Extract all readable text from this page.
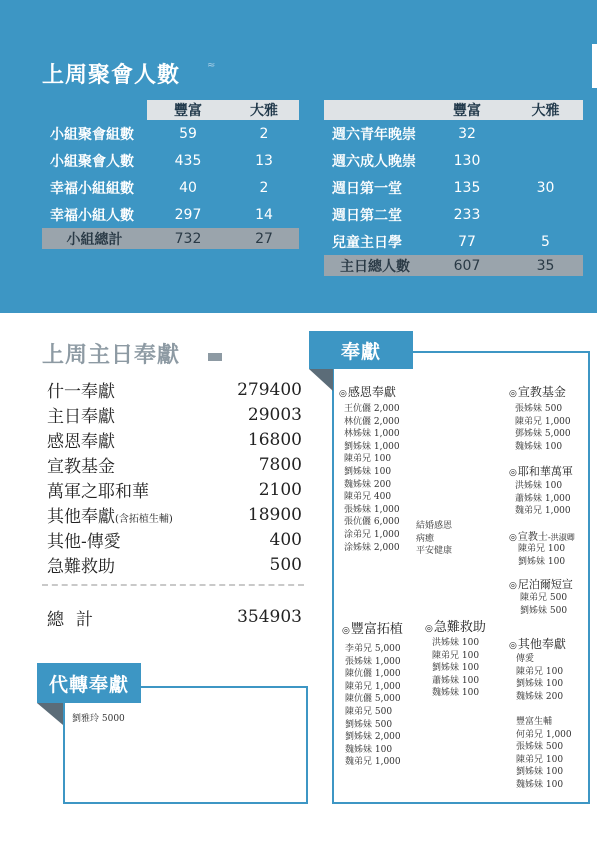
上周聚會人數	≈
	豐富	大雅
小組聚會組數	59	2
小組聚會人數	435	13
幸福小組組數	40	2
幸福小組人數	297	14
小組總計	732	27
	豐富	大雅
週六青年晚崇	32	
週六成人晚崇	130	
週日第一堂	135	30
週日第二堂	233	
兒童主日學	77	5
主日總人數	607	35
上周主日奉獻
什一奉獻	279400
主日奉獻	29003
感恩奉獻	16800
宣教基金	7800
萬軍之耶和華	2100
其他奉獻(含拓植生輔)	18900
其他-傳愛	400
急難救助	500
總計	354903
代轉奉獻
劉雅玲 5000
奉獻
◎感恩奉獻
王伉儷 2,000
林伉儷 2,000
林姊妹 1,000
劉姊妹 1,000
陳弟兄 100
劉姊妹 100
魏姊妹 200
陳弟兄 400
張姊妹 1,000
張伉儷 6,000
涂弟兄 1,000
涂姊妹 2,000
結婚感恩
病癒
平安健康
◎宣教基金
張姊妹 500
陳弟兄 1,000
鄧姊妹 5,000
魏姊妹 100
◎耶和華萬軍
洪姊妹 100
蕭姊妹 1,000
魏弟兄 1,000
◎宣教士-洪淑卿
陳弟兄 100
劉姊妹 100
◎尼泊爾短宣
陳弟兄 500
劉姊妹 500
◎豐富拓植
李弟兄 5,000
張姊妹 1,000
陳伉儷 1,000
陳弟兄 1,000
陳伉儷 5,000
陳弟兄 500
劉姊妹 500
劉姊妹 2,000
魏姊妹 100
魏弟兄 1,000
◎急難救助
洪姊妹 100
陳弟兄 100
劉姊妹 100
蕭姊妹 100
魏姊妹 100
◎其他奉獻
傳愛
陳弟兄 100
劉姊妹 100
魏姊妹 200
豐富生輔
何弟兄 1,000
張姊妹 500
陳弟兄 100
劉姊妹 100
魏姊妹 100
